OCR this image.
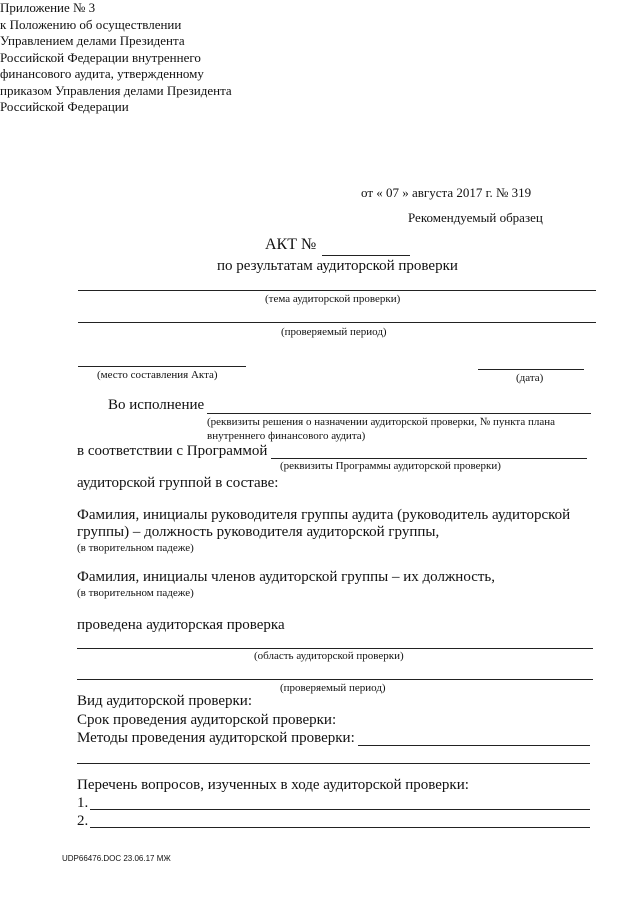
Приложение № 3
к Положению об осуществлении
Управлением делами Президента
Российской Федерации внутреннего
финансового аудита, утвержденному
приказом Управления делами Президента
Российской Федерации
от « 07 » августа 2017 г. № 319
Рекомендуемый образец
АКТ №
по результатам аудиторской проверки
(тема аудиторской проверки)
(проверяемый период)
(место составления Акта)	(дата)
Во исполнение
(реквизиты решения о назначении аудиторской проверки, № пункта плана
внутреннего финансового аудита)
в соответствии с Программой
(реквизиты Программы аудиторской проверки)
аудиторской группой в составе:
Фамилия, инициалы руководителя группы аудита (руководитель аудиторской
группы) – должность руководителя аудиторской группы,
(в творительном падеже)
Фамилия, инициалы членов аудиторской группы – их должность,
(в творительном падеже)
проведена аудиторская проверка
(область аудиторской проверки)
(проверяемый период)
Вид аудиторской проверки:
Срок проведения аудиторской проверки:
Методы проведения аудиторской проверки:
Перечень вопросов, изученных в ходе аудиторской проверки:
1.
2.
UDP66476.DOC 23.06.17 МЖ
